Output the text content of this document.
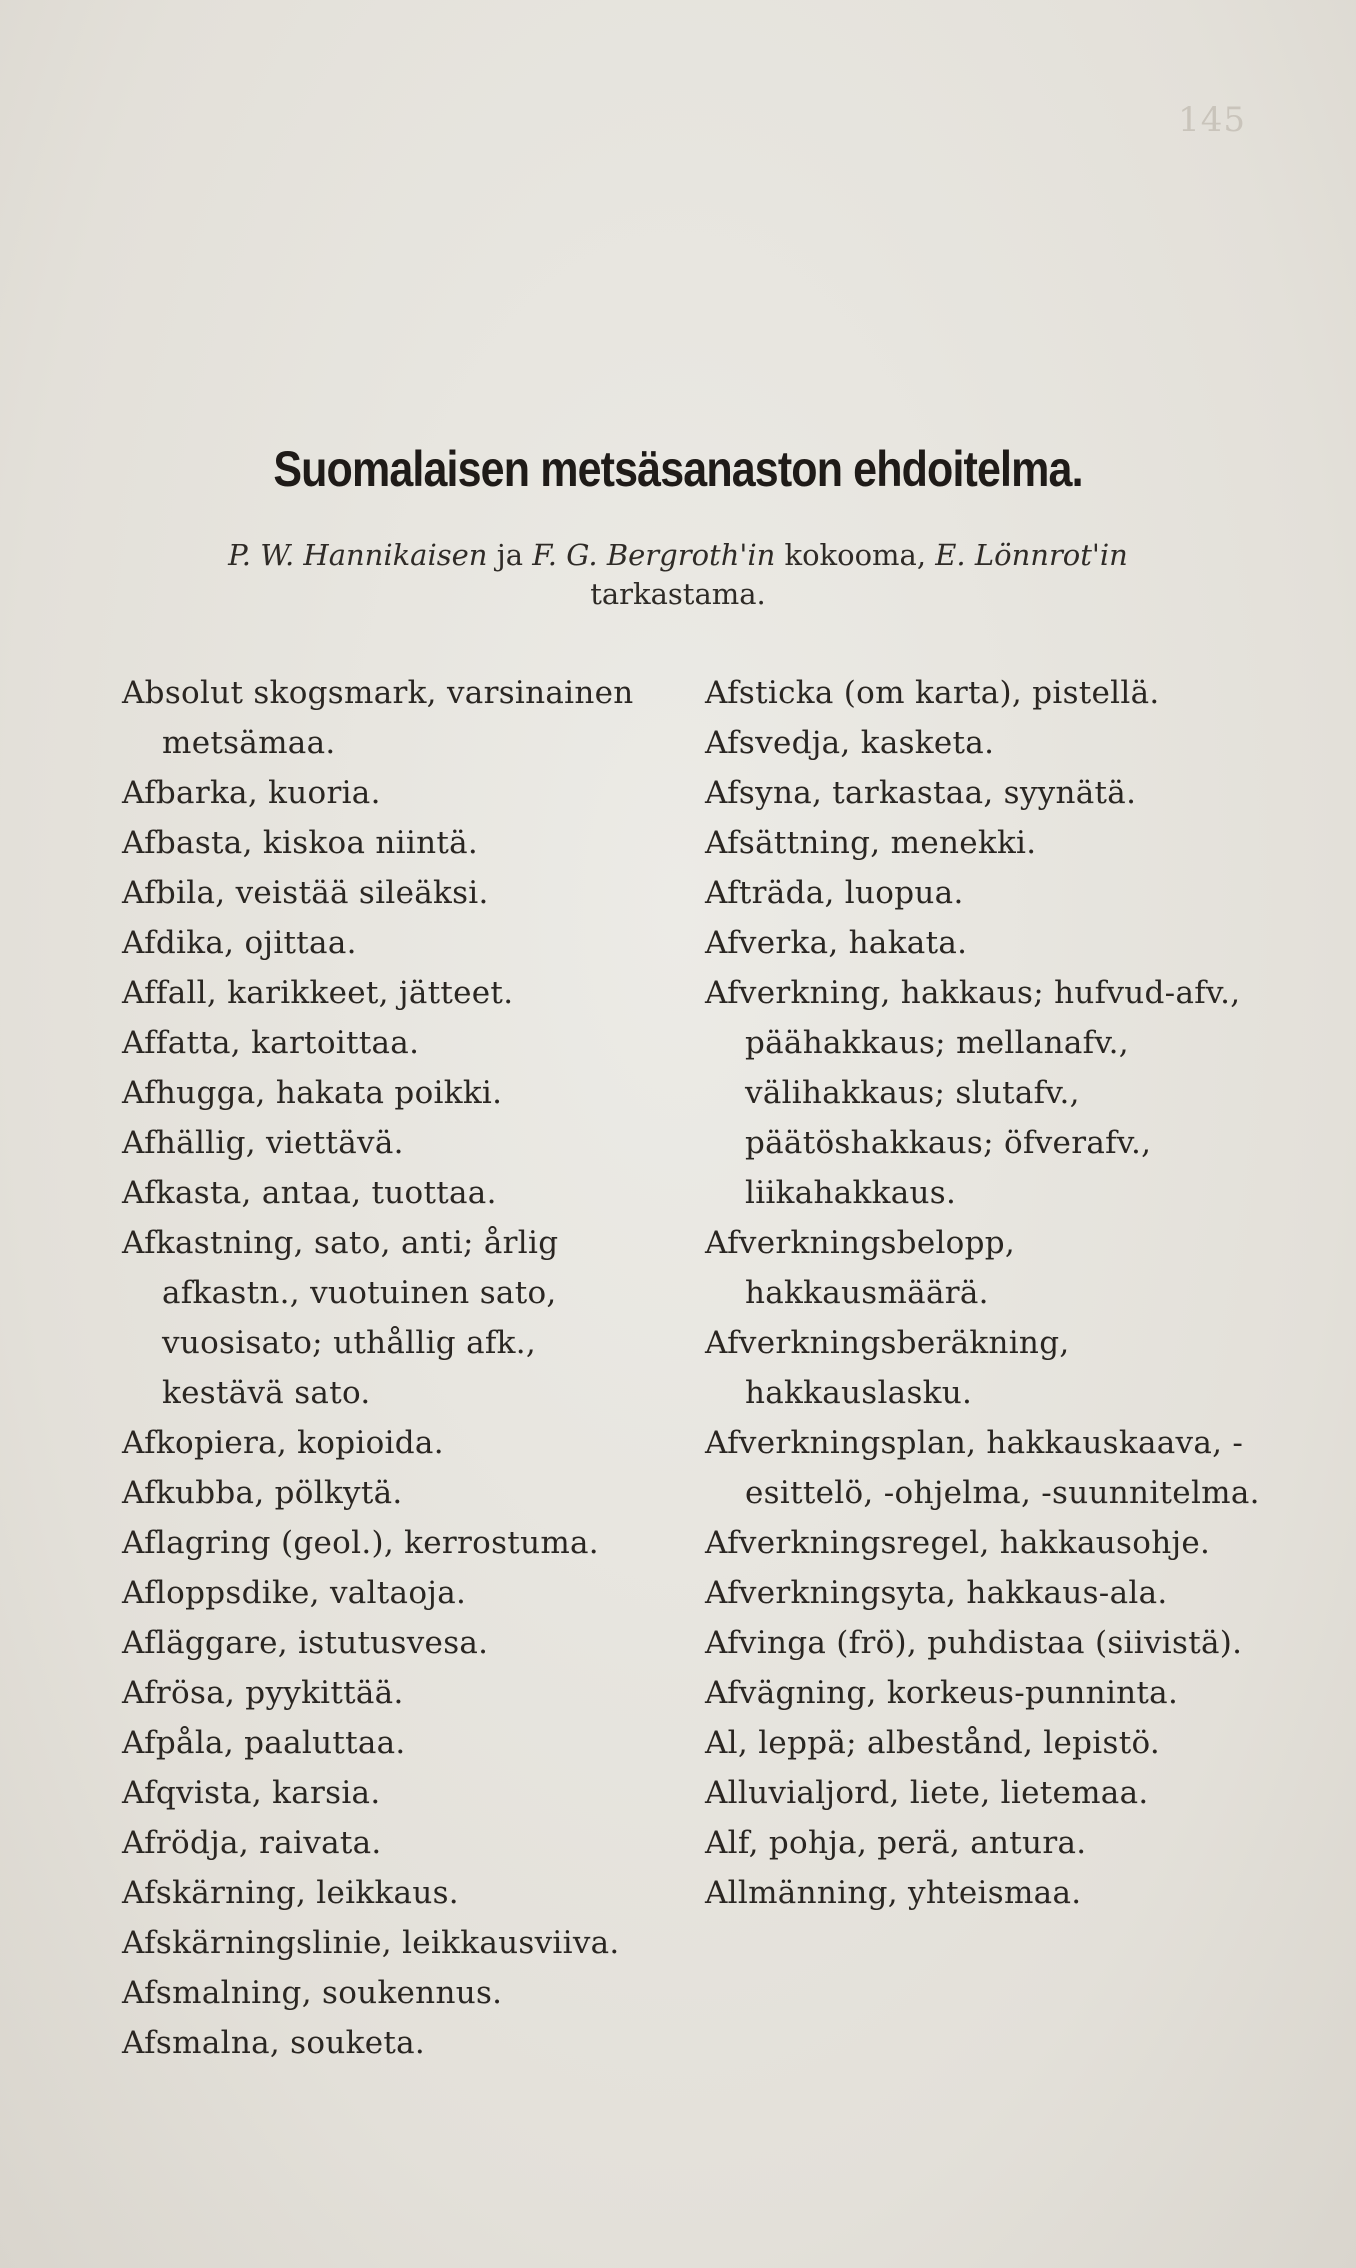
145
Suomalaisen metsäsanaston ehdoitelma.
P. W. Hannikaisen ja F. G. Bergroth'in kokooma, E. Lönnrot'in
tarkastama.

Absolut skogsmark, varsinainen metsämaa.

Afbarka, kuoria.

Afbasta, kiskoa niintä.

Afbila, veistää sileäksi.

Afdika, ojittaa.

Affall, karikkeet, jätteet.

Affatta, kartoittaa.

Afhugga, hakata poikki.

Afhällig, viettävä.

Afkasta, antaa, tuottaa.

Afkastning, sato, anti; årlig afkastn., vuotuinen sato, vuosisato; uthållig afk., kestävä sato.

Afkopiera, kopioida.

Afkubba, pölkytä.

Aflagring (geol.), kerrostuma.

Afloppsdike, valtaoja.

Afläggare, istutusvesa.

Afrösa, pyykittää.

Afpåla, paaluttaa.

Afqvista, karsia.

Afrödja, raivata.

Afskärning, leikkaus.

Afskärningslinie, leikkausviiva.

Afsmalning, soukennus.

Afsmalna, souketa.

Afsticka (om karta), pistellä.

Afsvedja, kasketa.

Afsyna, tarkastaa, syynätä.

Afsättning, menekki.

Afträda, luopua.

Afverka, hakata.

Afverkning, hakkaus; hufvud-afv., päähakkaus; mellanafv., välihakkaus; slutafv., päätöshakkaus; öfverafv., liikahakkaus.

Afverkningsbelopp, hakkausmäärä.

Afverkningsberäkning, hakkauslasku.

Afverkningsplan, hakkauskaava, -esittelö, -ohjelma, -suunnitelma.

Afverkningsregel, hakkausohje.

Afverkningsyta, hakkaus-ala.

Afvinga (frö), puhdistaa (siivistä).

Afvägning, korkeus-punninta.

Al, leppä; albestånd, lepistö.

Alluvialjord, liete, lietemaa.

Alf, pohja, perä, antura.

Allmänning, yhteismaa.
